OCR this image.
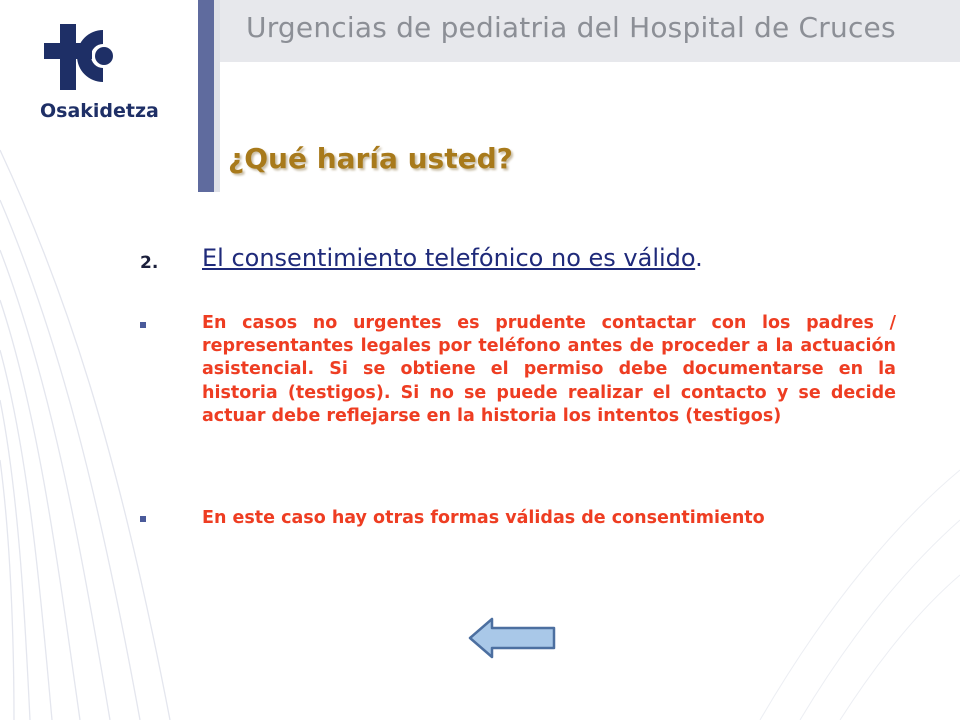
Urgencias de pediatria del Hospital de Cruces
Osakidetza
¿Qué haría usted?
2. El consentimiento telefónico no es válido.
En casos no urgentes es prudente contactar con los padres / representantes legales por teléfono antes de proceder a la actuación asistencial. Si se obtiene el permiso debe documentarse en la historia (testigos). Si no se puede realizar el contacto y se decide actuar debe reflejarse en la historia los intentos (testigos)
En este caso hay otras formas válidas de consentimiento
